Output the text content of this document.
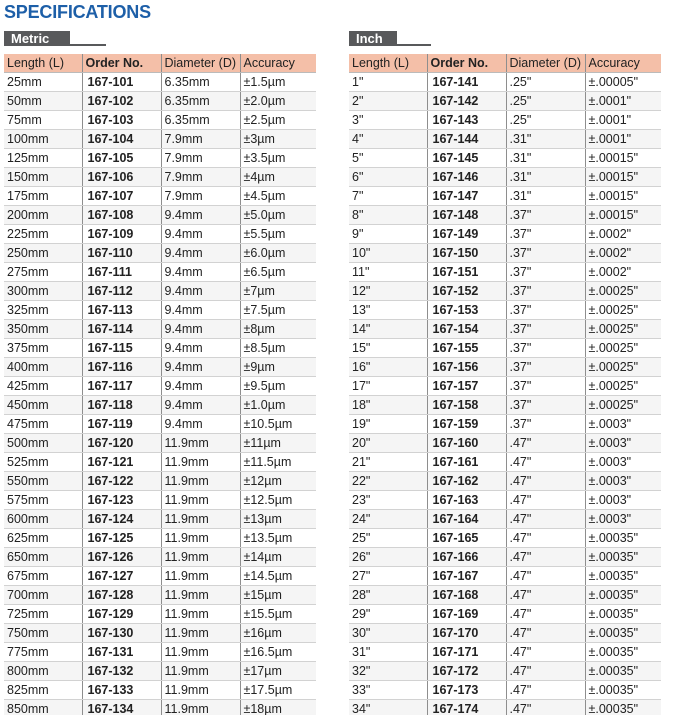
SPECIFICATIONS
Metric	Inch
Length (L)	Order No.	Diameter (D)	Accuracy
25mm	167-101	6.35mm	±1.5µm
50mm	167-102	6.35mm	±2.0µm
75mm	167-103	6.35mm	±2.5µm
100mm	167-104	7.9mm	±3µm
125mm	167-105	7.9mm	±3.5µm
150mm	167-106	7.9mm	±4µm
175mm	167-107	7.9mm	±4.5µm
200mm	167-108	9.4mm	±5.0µm
225mm	167-109	9.4mm	±5.5µm
250mm	167-110	9.4mm	±6.0µm
275mm	167-111	9.4mm	±6.5µm
300mm	167-112	9.4mm	±7µm
325mm	167-113	9.4mm	±7.5µm
350mm	167-114	9.4mm	±8µm
375mm	167-115	9.4mm	±8.5µm
400mm	167-116	9.4mm	±9µm
425mm	167-117	9.4mm	±9.5µm
450mm	167-118	9.4mm	±1.0µm
475mm	167-119	9.4mm	±10.5µm
500mm	167-120	11.9mm	±11µm
525mm	167-121	11.9mm	±11.5µm
550mm	167-122	11.9mm	±12µm
575mm	167-123	11.9mm	±12.5µm
600mm	167-124	11.9mm	±13µm
625mm	167-125	11.9mm	±13.5µm
650mm	167-126	11.9mm	±14µm
675mm	167-127	11.9mm	±14.5µm
700mm	167-128	11.9mm	±15µm
725mm	167-129	11.9mm	±15.5µm
750mm	167-130	11.9mm	±16µm
775mm	167-131	11.9mm	±16.5µm
800mm	167-132	11.9mm	±17µm
825mm	167-133	11.9mm	±17.5µm
850mm	167-134	11.9mm	±18µm
Length (L)	Order No.	Diameter (D)	Accuracy
1"	167-141	.25"	±.00005"
2"	167-142	.25"	±.0001"
3"	167-143	.25"	±.0001"
4"	167-144	.31"	±.0001"
5"	167-145	.31"	±.00015"
6"	167-146	.31"	±.00015"
7"	167-147	.31"	±.00015"
8"	167-148	.37"	±.00015"
9"	167-149	.37"	±.0002"
10"	167-150	.37"	±.0002"
11"	167-151	.37"	±.0002"
12"	167-152	.37"	±.00025"
13"	167-153	.37"	±.00025"
14"	167-154	.37"	±.00025"
15"	167-155	.37"	±.00025"
16"	167-156	.37"	±.00025"
17"	167-157	.37"	±.00025"
18"	167-158	.37"	±.00025"
19"	167-159	.37"	±.0003"
20"	167-160	.47"	±.0003"
21"	167-161	.47"	±.0003"
22"	167-162	.47"	±.0003"
23"	167-163	.47"	±.0003"
24"	167-164	.47"	±.0003"
25"	167-165	.47"	±.00035"
26"	167-166	.47"	±.00035"
27"	167-167	.47"	±.00035"
28"	167-168	.47"	±.00035"
29"	167-169	.47"	±.00035"
30"	167-170	.47"	±.00035"
31"	167-171	.47"	±.00035"
32"	167-172	.47"	±.00035"
33"	167-173	.47"	±.00035"
34"	167-174	.47"	±.00035"
